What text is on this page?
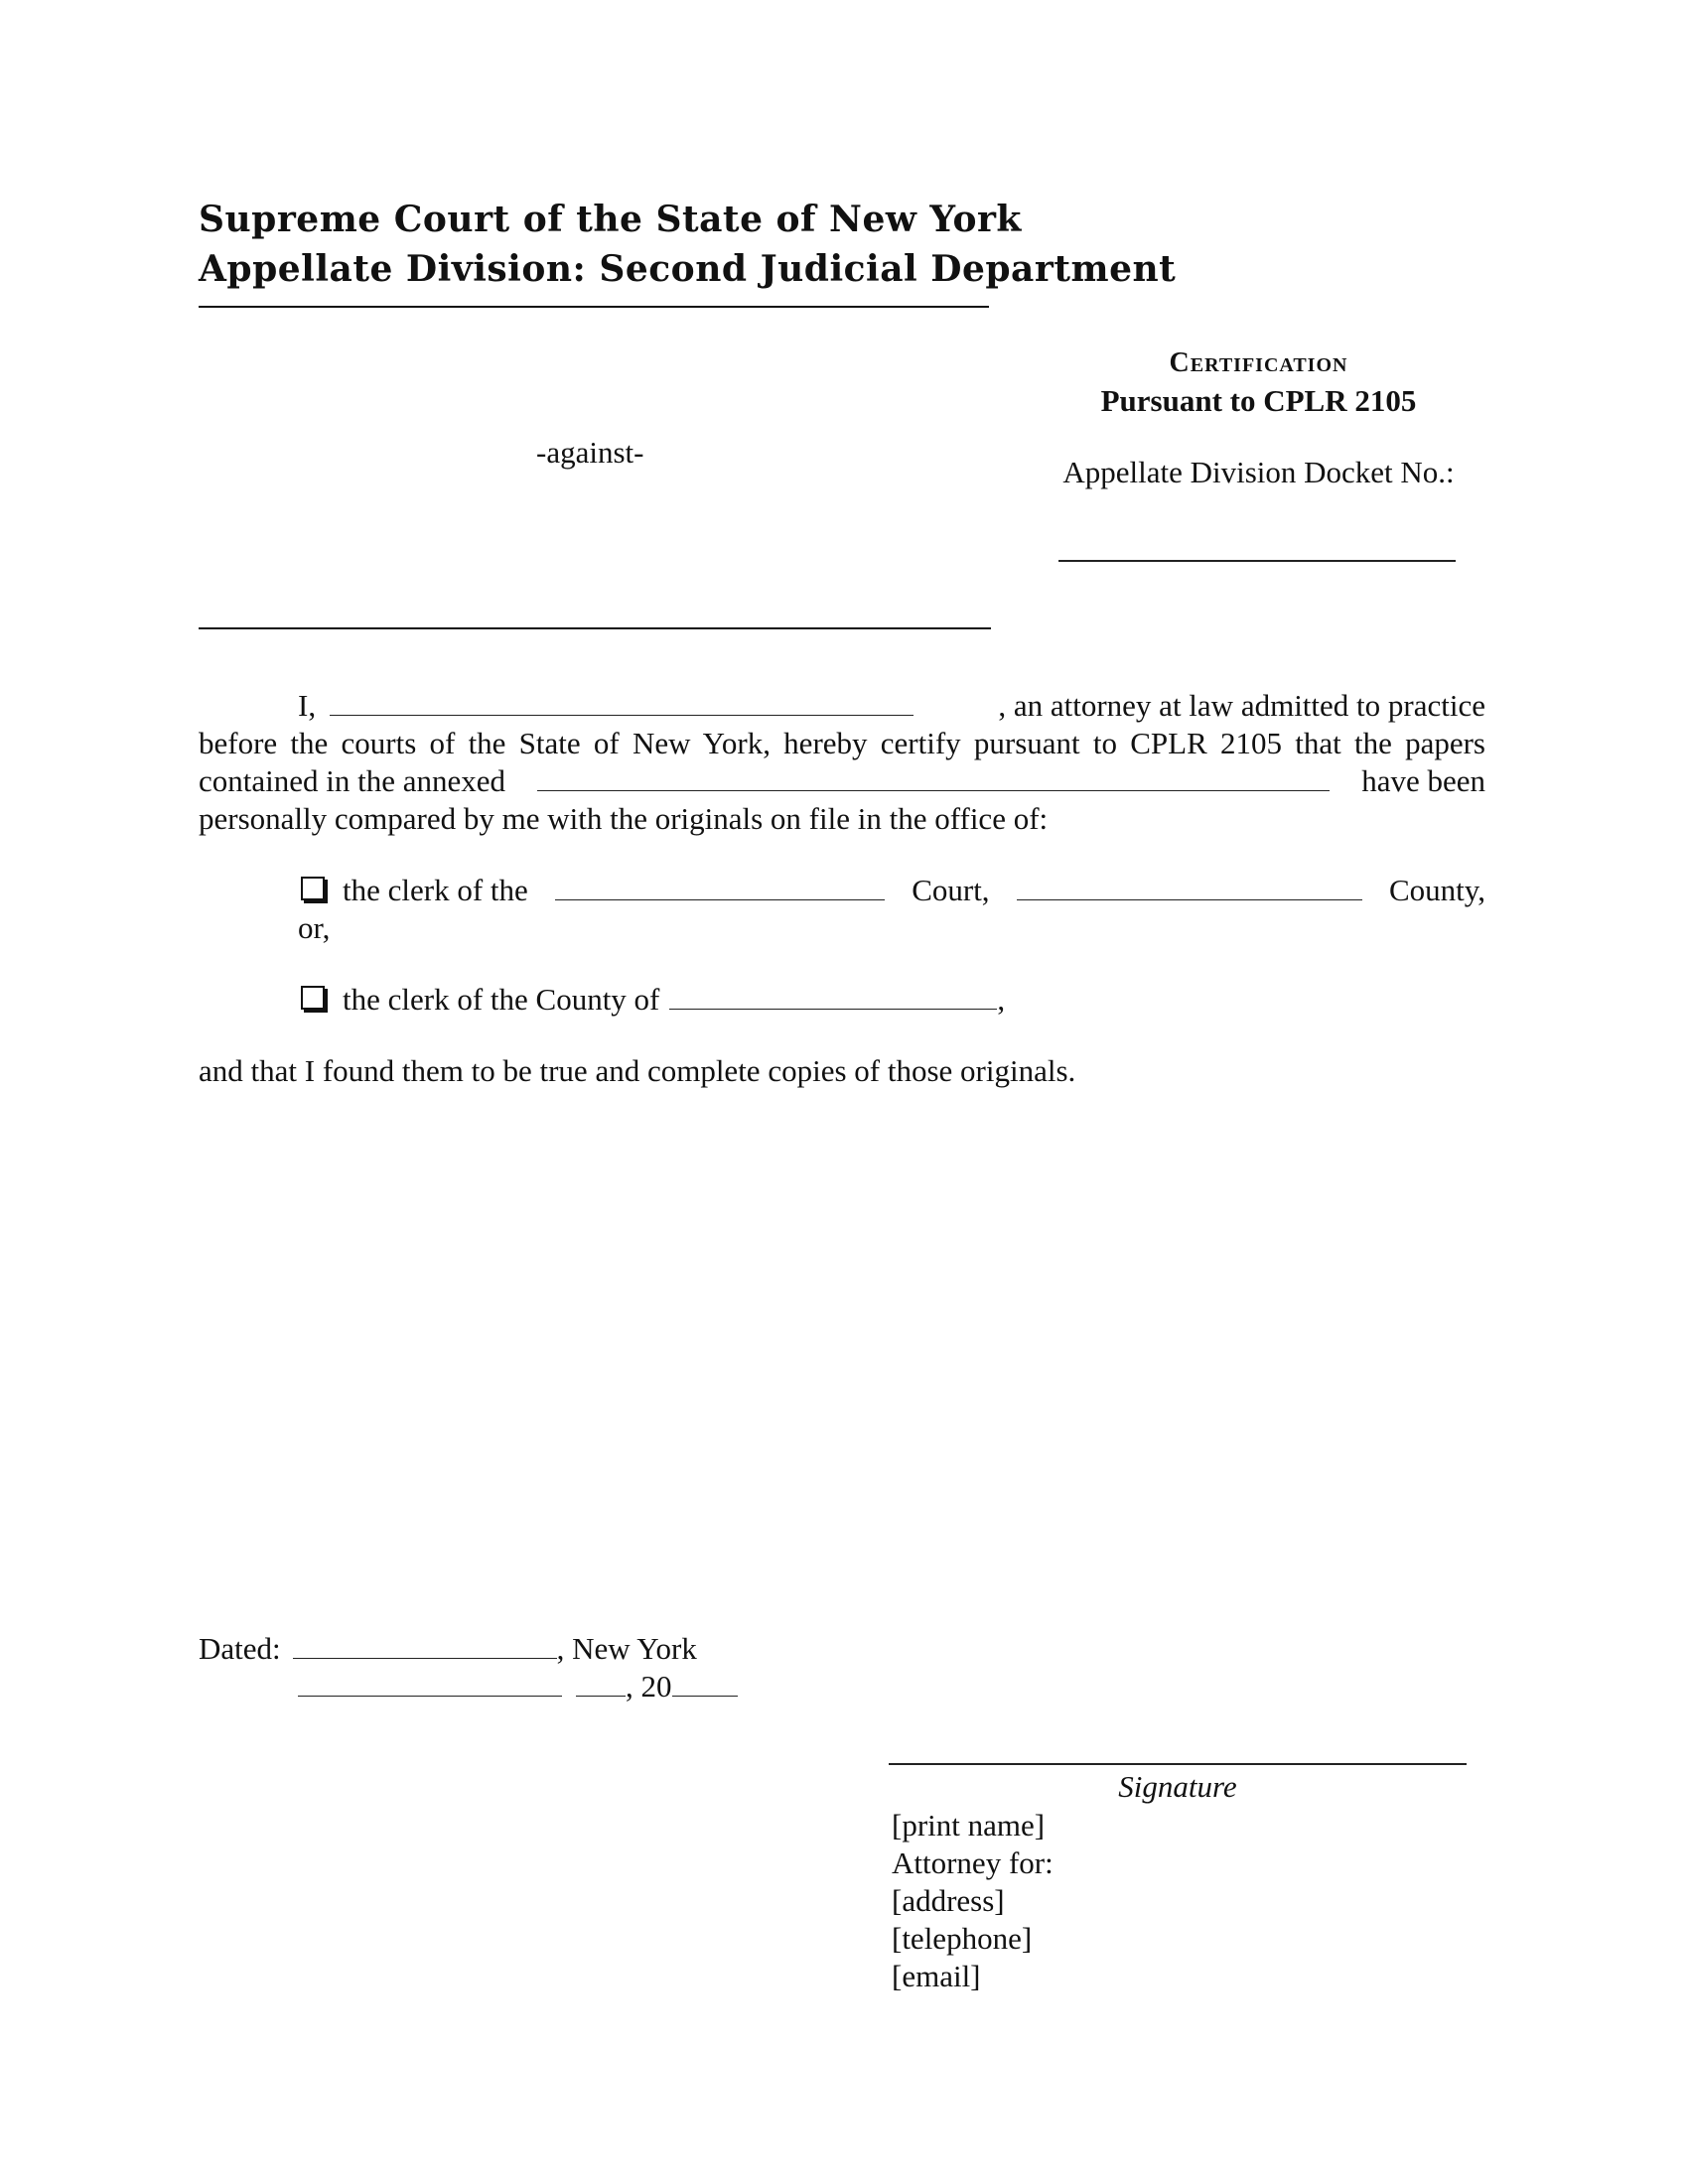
Supreme Court of the State of New York
Appellate Division: Second Judicial Department
-against-
Certification
Pursuant to CPLR 2105
Appellate Division Docket No.:
I,	, an attorney at law admitted to practice
before the courts of the State of New York, hereby certify pursuant to CPLR 2105 that the papers
contained in the annexed	have been
personally compared by me with the originals on file in the office of:
the clerk of the	Court,	County,
or,
the clerk of the County of	,
and that I found them to be true and complete copies of those originals.
Dated:	, New York
, 20
Signature
[print name]
Attorney for:
[address]
[telephone]
[email]
